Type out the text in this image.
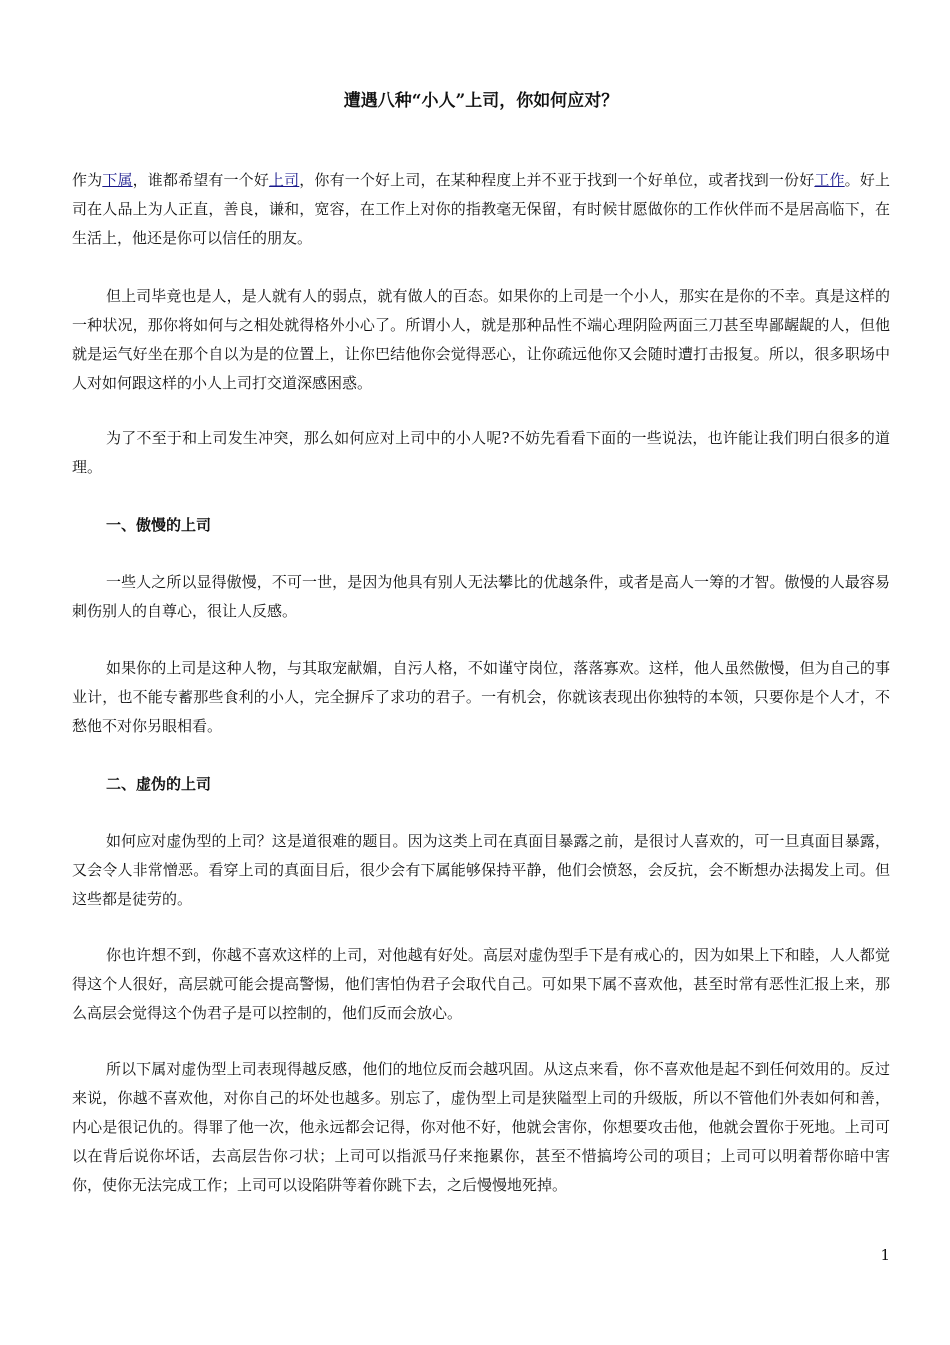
遭遇八种“小人”上司，你如何应对？

作为下属，谁都希望有一个好上司，你有一个好上司，在某种程度上并不亚于找到一个好单位，或者找到一份好工作。好上司在人品上为人正直，善良，谦和，宽容，在工作上对你的指教毫无保留，有时候甘愿做你的工作伙伴而不是居高临下，在生活上，他还是你可以信任的朋友。

但上司毕竟也是人，是人就有人的弱点，就有做人的百态。如果你的上司是一个小人，那实在是你的不幸。真是这样的一种状况，那你将如何与之相处就得格外小心了。所谓小人，就是那种品性不端心理阴险两面三刀甚至卑鄙龌龊的人，但他就是运气好坐在那个自以为是的位置上，让你巴结他你会觉得恶心，让你疏远他你又会随时遭打击报复。所以，很多职场中人对如何跟这样的小人上司打交道深感困惑。

为了不至于和上司发生冲突，那么如何应对上司中的小人呢?不妨先看看下面的一些说法，也许能让我们明白很多的道理。

一、傲慢的上司

一些人之所以显得傲慢，不可一世，是因为他具有别人无法攀比的优越条件，或者是高人一筹的才智。傲慢的人最容易刺伤别人的自尊心，很让人反感。

如果你的上司是这种人物，与其取宠献媚，自污人格，不如谨守岗位，落落寡欢。这样，他人虽然傲慢，但为自己的事业计，也不能专蓄那些食利的小人，完全摒斥了求功的君子。一有机会，你就该表现出你独特的本领，只要你是个人才，不愁他不对你另眼相看。

二、虚伪的上司

如何应对虚伪型的上司？这是道很难的题目。因为这类上司在真面目暴露之前，是很讨人喜欢的，可一旦真面目暴露，又会令人非常憎恶。看穿上司的真面目后，很少会有下属能够保持平静，他们会愤怒，会反抗，会不断想办法揭发上司。但这些都是徒劳的。

你也许想不到，你越不喜欢这样的上司，对他越有好处。高层对虚伪型手下是有戒心的，因为如果上下和睦，人人都觉得这个人很好，高层就可能会提高警惕，他们害怕伪君子会取代自己。可如果下属不喜欢他，甚至时常有恶性汇报上来，那么高层会觉得这个伪君子是可以控制的，他们反而会放心。

所以下属对虚伪型上司表现得越反感，他们的地位反而会越巩固。从这点来看，你不喜欢他是起不到任何效用的。反过来说，你越不喜欢他，对你自己的坏处也越多。别忘了，虚伪型上司是狭隘型上司的升级版，所以不管他们外表如何和善，内心是很记仇的。得罪了他一次，他永远都会记得，你对他不好，他就会害你，你想要攻击他，他就会置你于死地。上司可以在背后说你坏话，去高层告你刁状；上司可以指派马仔来拖累你，甚至不惜搞垮公司的项目；上司可以明着帮你暗中害你，使你无法完成工作；上司可以设陷阱等着你跳下去，之后慢慢地死掉。

1
